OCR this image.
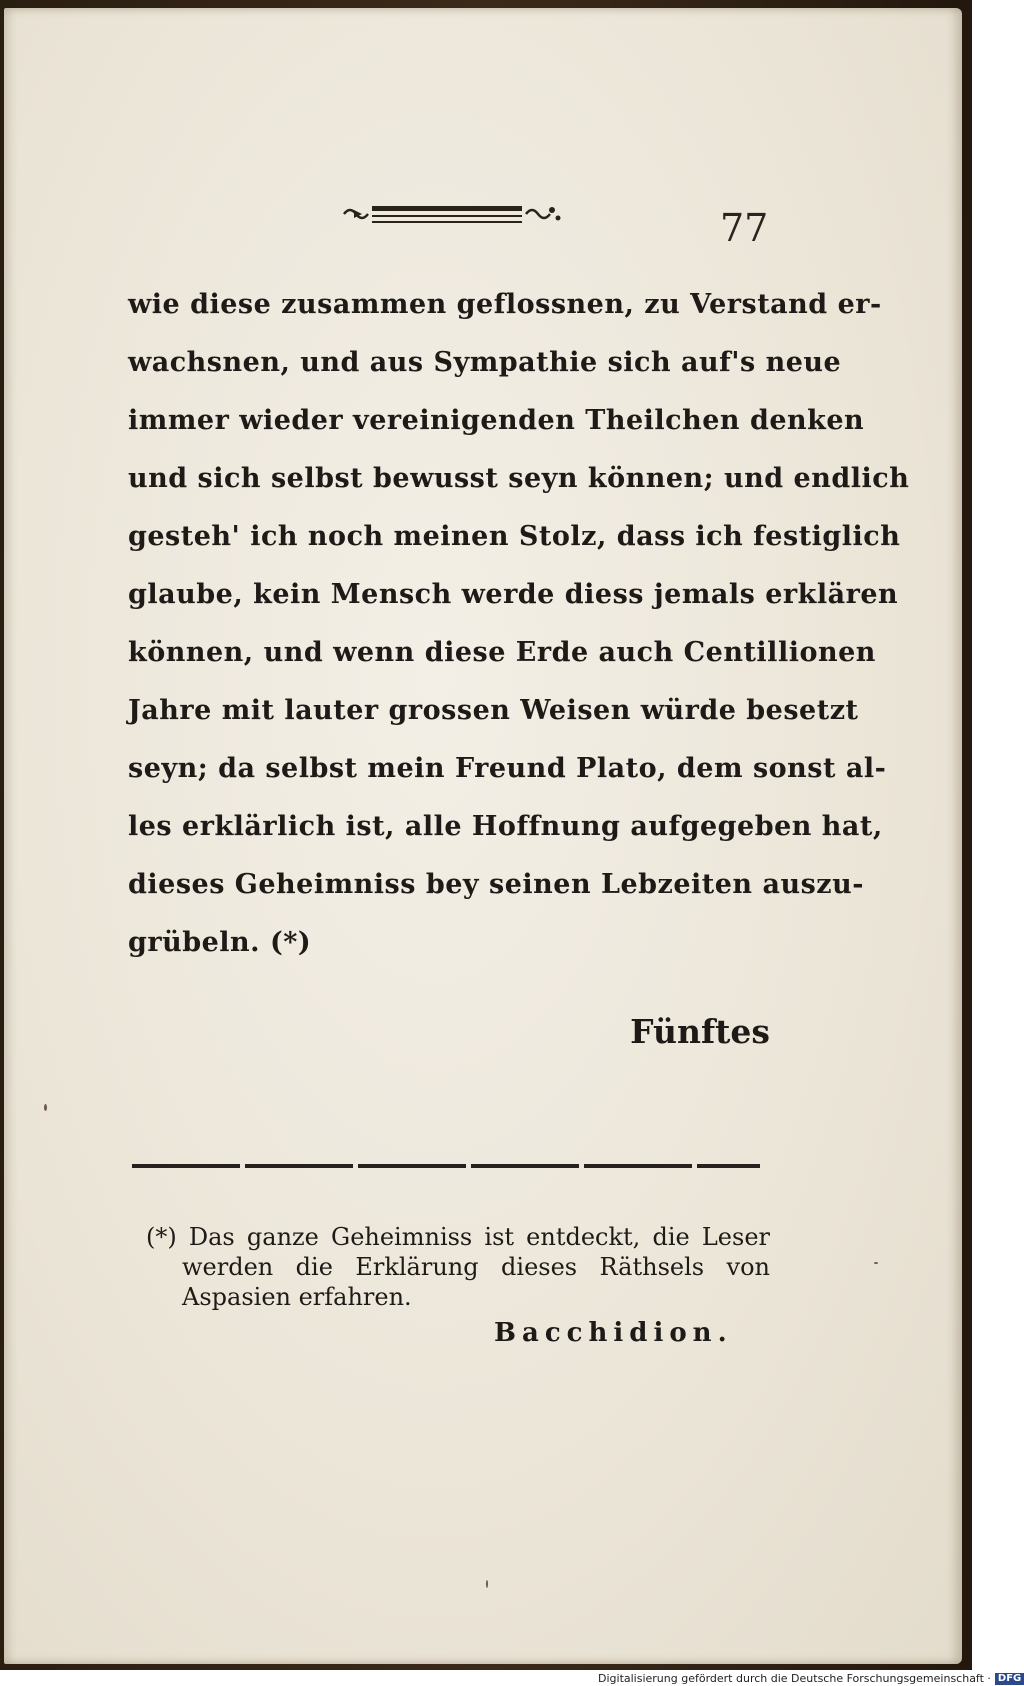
77
wie diese zusammen geflossnen, zu Verstand er-
wachsnen, und aus Sympathie sich auf's neue
immer wieder vereinigenden Theilchen denken
und sich selbst bewusst seyn können; und endlich
gesteh' ich noch meinen Stolz, dass ich festiglich
glaube, kein Mensch werde diess jemals erklären
können, und wenn diese Erde auch Centillionen
Jahre mit lauter grossen Weisen würde besetzt
seyn; da selbst mein Freund Plato, dem sonst al-
les erklärlich ist, alle Hoffnung aufgegeben hat,
dieses Geheimniss bey seinen Lebzeiten auszu-
grübeln. (*)
Fünftes
(*) Das ganze Geheimniss ist entdeckt, die Leser
werden die Erklärung dieses Räthsels von
Aspasien erfahren.
Bacchidion.
Digitalisierung gefördert durch die Deutsche Forschungsgemeinschaft · DFG
